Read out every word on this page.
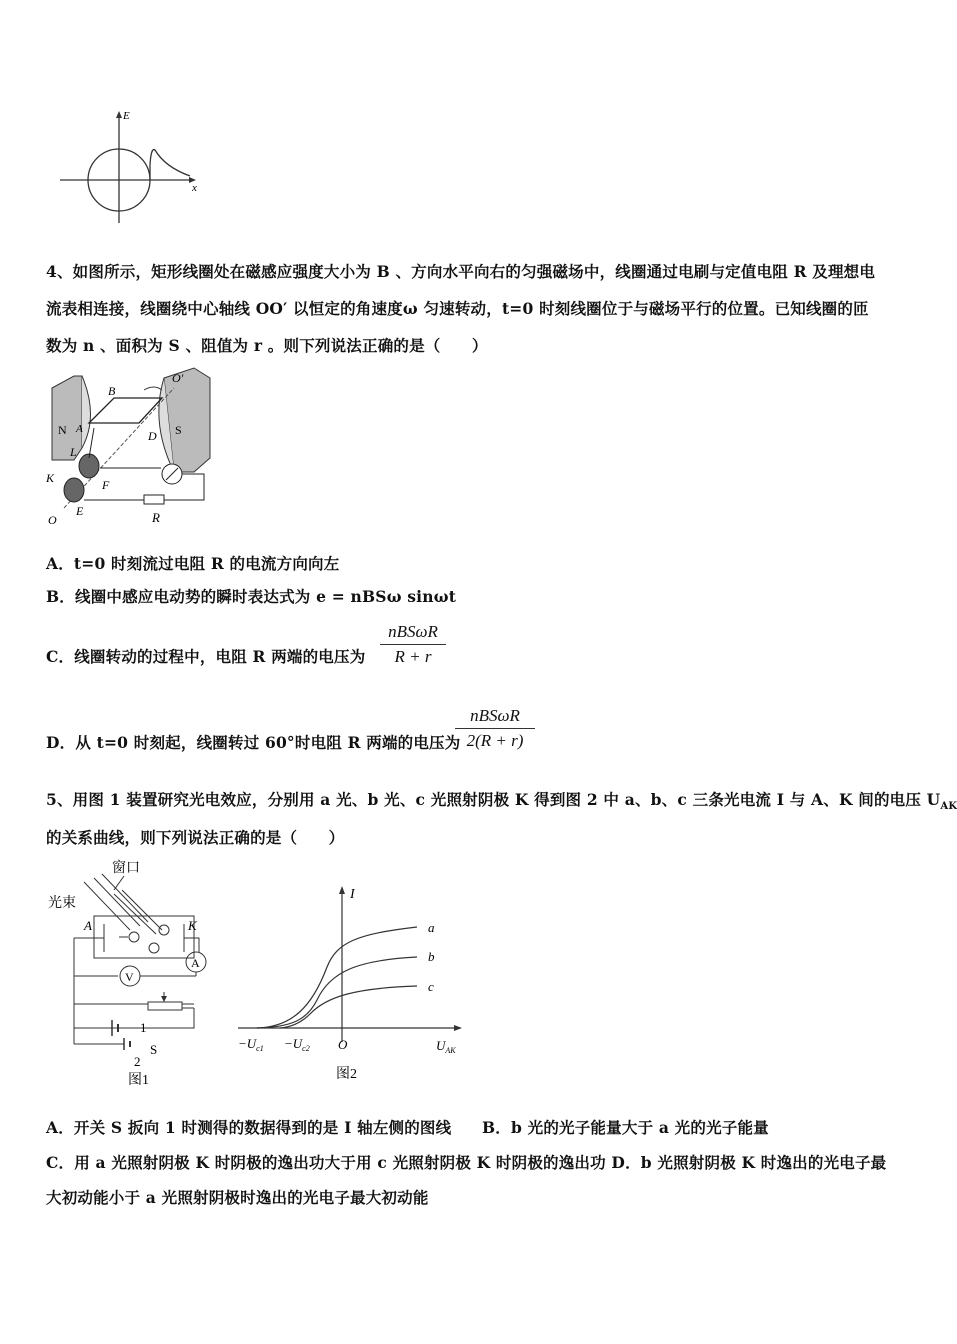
E
x
4、如图所示，矩形线圈处在磁感应强度大小为 B 、方向水平向右的匀强磁场中，线圈通过电刷与定值电阻 R 及理想电
流表相连接，线圈绕中心轴线 OO′ 以恒定的角速度ω 匀速转动，t=0 时刻线圈位于与磁场平行的位置。已知线圈的匝
数为 n 、面积为 S 、阻值为 r 。则下列说法正确的是（　　）
O′
B
N	S
A	D
L
K	F
O
E	R
A．t=0 时刻流过电阻 R 的电流方向向左
B．线圈中感应电动势的瞬时表达式为 e = nBSω sinωt
C．线圈转动的过程中，电阻 R 两端的电压为
nBSωR
R + r
D．从 t=0 时刻起，线圈转过 60°时电阻 R 两端的电压为
nBSωR
2(R + r)
5、用图 1 装置研究光电效应，分别用 a 光、b 光、c 光照射阴极 K 得到图 2 中 a、b、c 三条光电流 I 与 A、K 间的电压 $U_{AK}$
的关系曲线，则下列说法正确的是（　　）
窗口
光束
A	K
A
V
1
2
S
图1
I
a
b
c
$-U_{c1} -U_{c2}$ O	$U_{AK}$
图2
A．开关 S 扳向 1 时测得的数据得到的是 I 轴左侧的图线 B．b 光的光子能量大于 a 光的光子能量
C．用 a 光照射阴极 K 时阴极的逸出功大于用 c 光照射阴极 K 时阴极的逸出功 D．b 光照射阴极 K 时逸出的光电子最
大初动能小于 a 光照射阴极时逸出的光电子最大初动能
